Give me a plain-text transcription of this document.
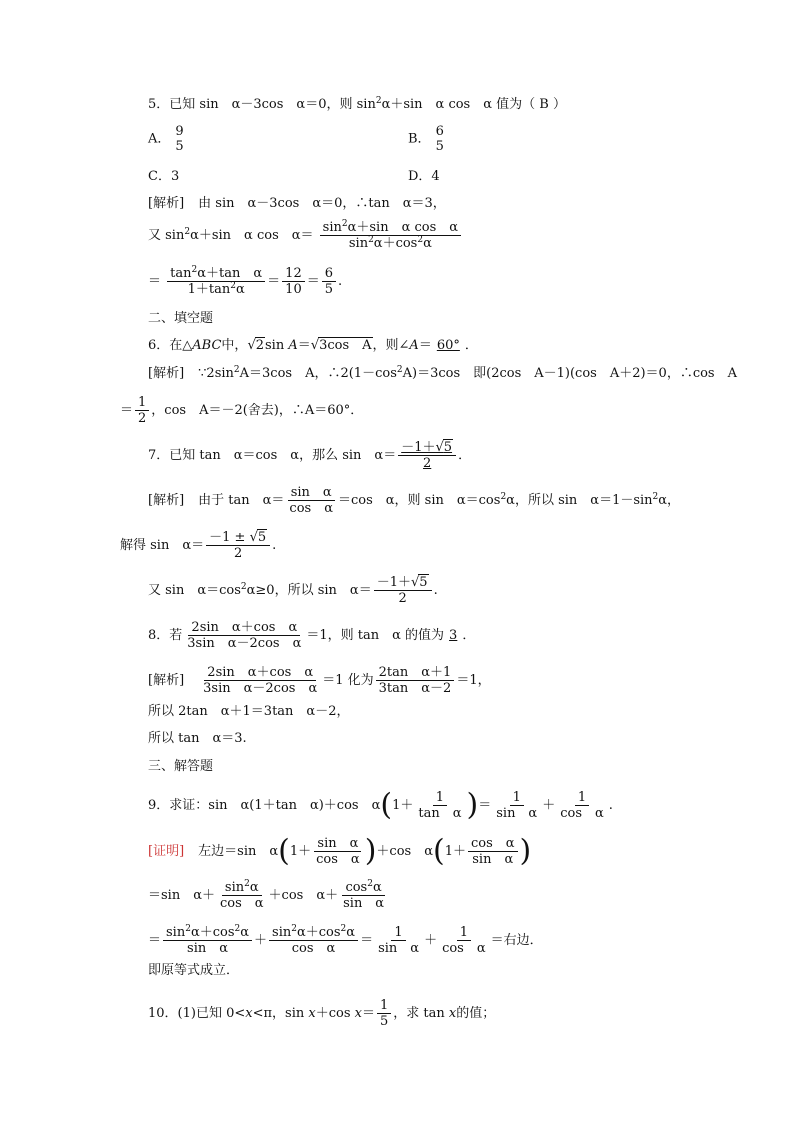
5．已知 sin　α－3cos　α＝0，则 $\sin^2\alpha+\sin$　α cos　α 值为（ B ）
A． 9
5	B． 6
5
C．3	D．4
[解析] 由 sin　α－3cos　α＝0，∴tan　α＝3，
又 $\sin^2\alpha+\sin$　α cos　$\alpha= \frac{\sin^2\alpha+\sin \alpha \cos \alpha}{\sin^2\alpha+\cos^2\alpha}$
＝ $\frac{\tan^2\alpha+\tan \alpha}{1+\tan^2\alpha} = \frac{12}{10} = \frac{6}{5}$ .
二、填空题
6．在△ABC中，√2sin A＝√3cos　A，则∠A＝ 60° ．
[解析] $\because 2\sin^2A=3\cos$　A，$\therefore 2(1-\cos^2A)=3\cos$　即(2cos　A－1)(cos　A＋2)＝0，∴cos　A
＝ $\frac{1}{2}$ ，cos　A＝－2(舍去)，∴A＝60°．
7．已知 tan　α＝cos　α，那么 sin　$\alpha= \frac{-1+√5}{2}$ ．
[解析] 由于 tan　$\alpha= \frac{\text{sin　α}}{\text{cos　α}} =\cos$　α，则 sin　$\alpha=\cos^2\alpha$，所以 sin　$\alpha=1-\sin^2\alpha$，
解得 sin　$\alpha= \frac{-1 \pm √5}{2}$ .
又 sin　$\alpha=\cos^2\alpha\ge 0$，所以 sin　$\alpha= \frac{-1+√5}{2}$ .
8．若 $\frac{\text{2sin　α＋cos　α}}{\text{3sin　α－2cos　α}} =1$，则 tan　α 的值为 3 ．
[解析] $\frac{\text{2sin　α＋cos　α}}{\text{3sin　α－2cos　α}} =1$ 化为 $\frac{\text{2tan　α＋1}}{\text{3tan　α－2}} =1$，
所以 2tan　α＋1＝3tan　α－2，
所以 tan　α＝3.
三、解答题
9．求证：sin　α(1＋tan　α)＋cos　$\alpha(1+ \frac{1}{\text{tan　α}}$ )＝ $\frac{1}{\text{sin　α}} + \frac{1}{\text{cos　α}}$ .
[证明] 左边＝sin　$\alpha(1+ \frac{\text{sin　α}}{\text{cos　α}} )+\cos$　$\alpha(1+ \frac{\text{cos　α}}{\text{sin　α}}$ )
＝sin　$\alpha+ \frac{\sin^2\alpha}{\text{cos　α}} +\cos$　$\alpha+ \frac{\cos^2\alpha}{\text{sin　α}}$
＝ $\frac{\sin^2\alpha+\cos^2\alpha}{\text{sin　α}} + \frac{\sin^2\alpha+\cos^2\alpha}{\text{cos　α}} = \frac{1}{\text{sin　α}} + \frac{1}{\text{cos　α}}$ ＝右边．
即原等式成立．
10．(1)已知 0<x<π，sin x＋cos $x= \frac{1}{5}$ ，求 tan x的值；
